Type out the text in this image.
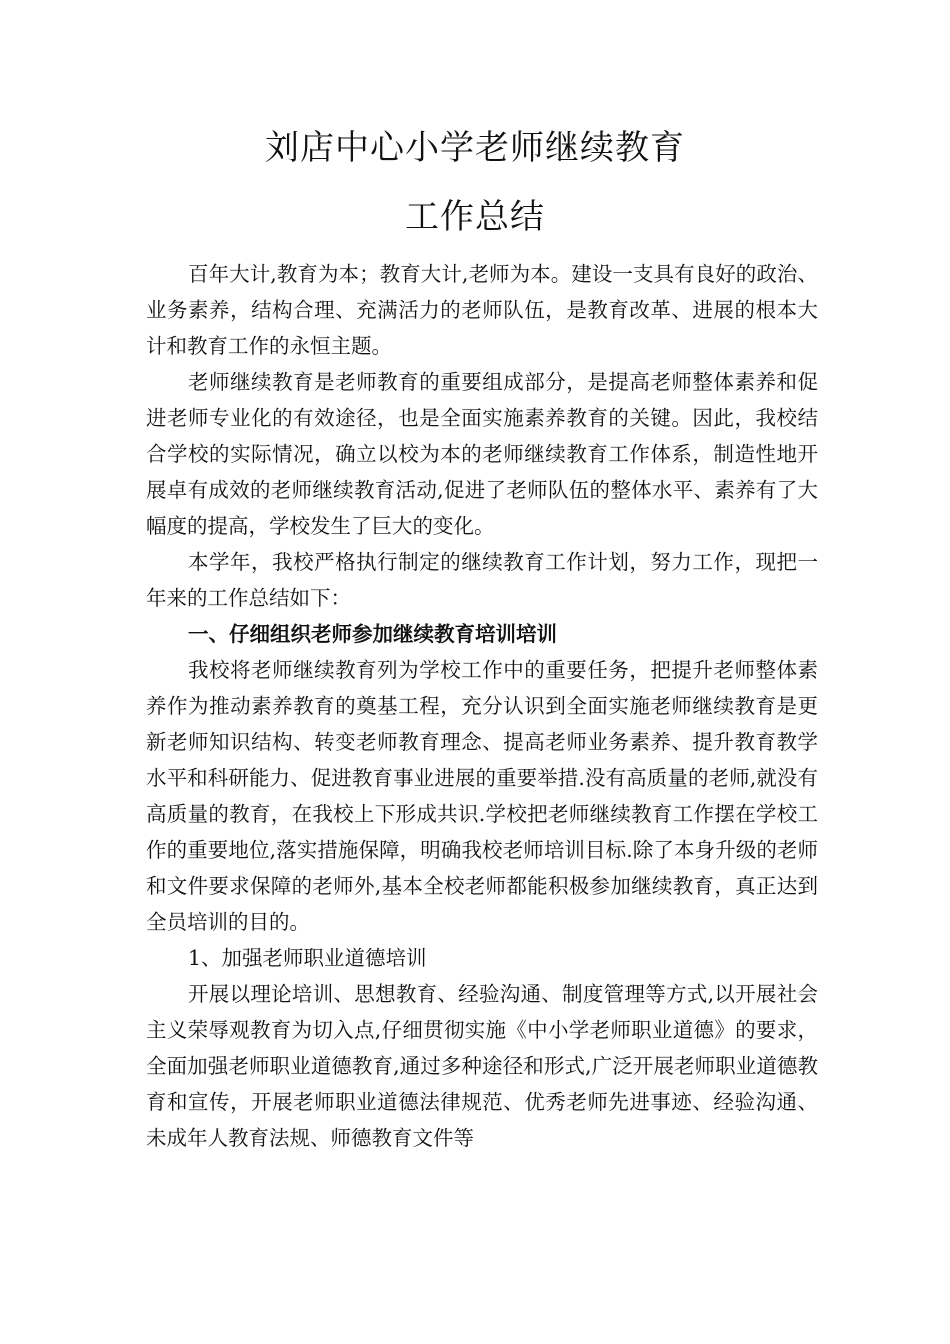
刘店中心小学老师继续教育
工作总结

百年大计,教育为本；教育大计,老师为本。建设一支具有良好的政治、业务素养，结构合理、充满活力的老师队伍，是教育改革、进展的根本大计和教育工作的永恒主题。

老师继续教育是老师教育的重要组成部分，是提高老师整体素养和促进老师专业化的有效途径，也是全面实施素养教育的关键。因此，我校结合学校的实际情况，确立以校为本的老师继续教育工作体系，制造性地开展卓有成效的老师继续教育活动,促进了老师队伍的整体水平、素养有了大幅度的提高，学校发生了巨大的变化。

本学年，我校严格执行制定的继续教育工作计划，努力工作，现把一年来的工作总结如下：

一、仔细组织老师参加继续教育培训培训

我校将老师继续教育列为学校工作中的重要任务，把提升老师整体素养作为推动素养教育的奠基工程，充分认识到全面实施老师继续教育是更新老师知识结构、转变老师教育理念、提高老师业务素养、提升教育教学水平和科研能力、促进教育事业进展的重要举措.没有高质量的老师,就没有高质量的教育，在我校上下形成共识.学校把老师继续教育工作摆在学校工作的重要地位,落实措施保障，明确我校老师培训目标.除了本身升级的老师和文件要求保障的老师外,基本全校老师都能积极参加继续教育，真正达到全员培训的目的。

1、加强老师职业道德培训

开展以理论培训、思想教育、经验沟通、制度管理等方式,以开展社会主义荣辱观教育为切入点,仔细贯彻实施《中小学老师职业道德》的要求，全面加强老师职业道德教育,通过多种途径和形式,广泛开展老师职业道德教育和宣传，开展老师职业道德法律规范、优秀老师先进事迹、经验沟通、未成年人教育法规、师德教育文件等
